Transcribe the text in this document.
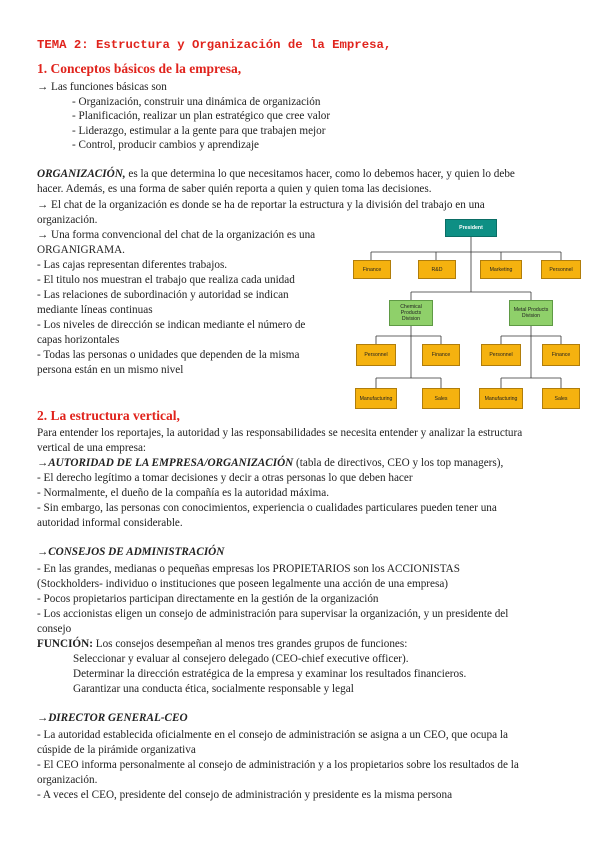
TEMA 2: Estructura y Organización de la Empresa,
1. Conceptos básicos de la empresa,
→ Las funciones básicas son
- Organización, construir una dinámica de organización
- Planificación, realizar un plan estratégico que cree valor
- Liderazgo, estimular a la gente para que trabajen mejor
- Control, producir cambios y aprendizaje
ORGANIZACIÓN, es la que determina lo que necesitamos hacer, como lo debemos hacer, y quien lo debe
hacer. Además, es una forma de saber quién reporta a quien y quien toma las decisiones.
→ El chat de la organización es donde se ha de reportar la estructura y la división del trabajo en una
organización.
→ Una forma convencional del chat de la organización es una
ORGANIGRAMA.
- Las cajas representan diferentes trabajos.
- El titulo nos muestran el trabajo que realiza cada unidad
- Las relaciones de subordinación y autoridad se indican
mediante líneas continuas
- Los niveles de dirección se indican mediante el número de
capas horizontales
- Todas las personas o unidades que dependen de la misma
persona están en un mismo nivel
President
Finance	R&D	Marketing	Personnel
Chemical Products Division
Metal Products Division
Personnel	Finance	Personnel	Finance
Manufacturing	Sales	Manufacturing	Sales
2. La estructura vertical,
Para entender los reportajes, la autoridad y las responsabilidades se necesita entender y analizar la estructura
vertical de una empresa:
→AUTORIDAD DE LA EMPRESA/ORGANIZACIÓN (tabla de directivos, CEO y los top managers),
- El derecho legítimo a tomar decisiones y decir a otras personas lo que deben hacer
- Normalmente, el dueño de la compañía es la autoridad máxima.
- Sin embargo, las personas con conocimientos, experiencia o cualidades particulares pueden tener una
autoridad informal considerable.
→CONSEJOS DE ADMINISTRACIÓN
- En las grandes, medianas o pequeñas empresas los PROPIETARIOS son los ACCIONISTAS
(Stockholders- individuo o instituciones que poseen legalmente una acción de una empresa)
- Pocos propietarios participan directamente en la gestión de la organización
- Los accionistas eligen un consejo de administración para supervisar la organización, y un presidente del
consejo
FUNCIÓN: Los consejos desempeñan al menos tres grandes grupos de funciones:
Seleccionar y evaluar al consejero delegado (CEO-chief executive officer).
Determinar la dirección estratégica de la empresa y examinar los resultados financieros.
Garantizar una conducta ética, socialmente responsable y legal
→DIRECTOR GENERAL-CEO
- La autoridad establecida oficialmente en el consejo de administración se asigna a un CEO, que ocupa la
cúspide de la pirámide organizativa
- El CEO informa personalmente al consejo de administración y a los propietarios sobre los resultados de la
organización.
- A veces el CEO, presidente del consejo de administración y presidente es la misma persona
